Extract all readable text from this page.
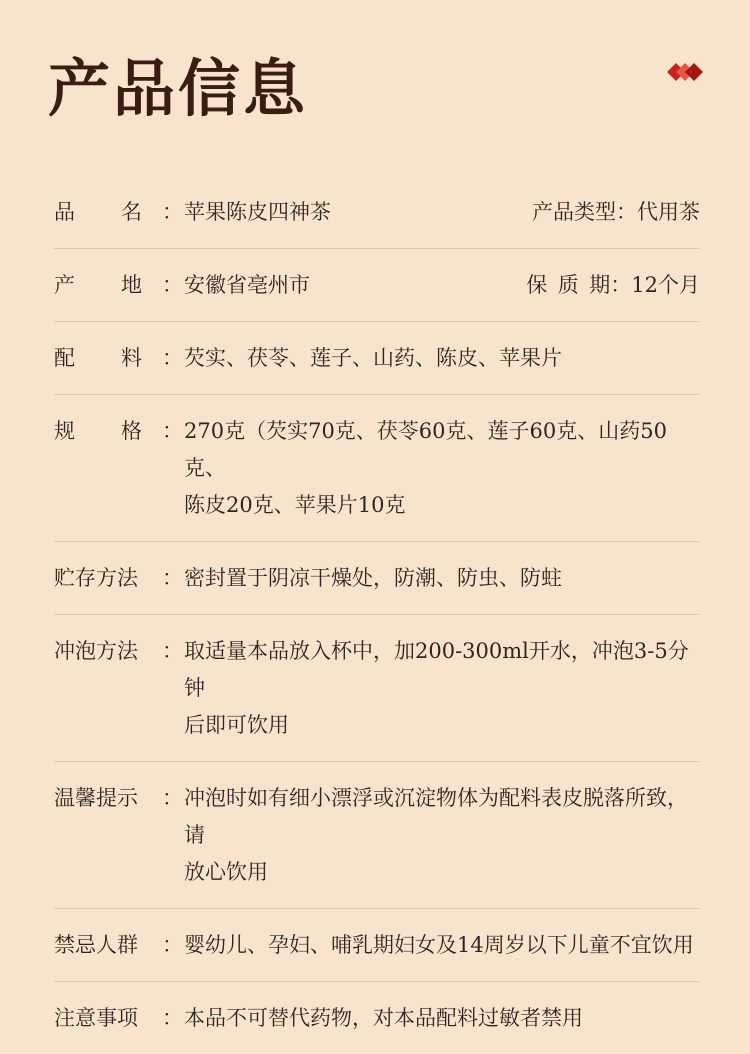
产品信息
品 名 ： 苹果陈皮四神茶	产品类型 ： 代用茶
产 地 ： 安徽省亳州市	保 质 期 ： 12个月
配 料 ： 芡实、茯苓、莲子、山药、陈皮、苹果片
规 格 ： 270克（芡实70克、茯苓60克、莲子60克、山药50克、
陈皮20克、苹果片10克
贮存方法	： 密封置于阴凉干燥处，防潮、防虫、防蛀
冲泡方法	： 取适量本品放入杯中，加200-300ml开水，冲泡3-5分钟
后即可饮用
温馨提示	： 冲泡时如有细小漂浮或沉淀物体为配料表皮脱落所致，请
放心饮用
禁忌人群	： 婴幼儿、孕妇、哺乳期妇女及14周岁以下儿童不宜饮用
注意事项	： 本品不可替代药物，对本品配料过敏者禁用
